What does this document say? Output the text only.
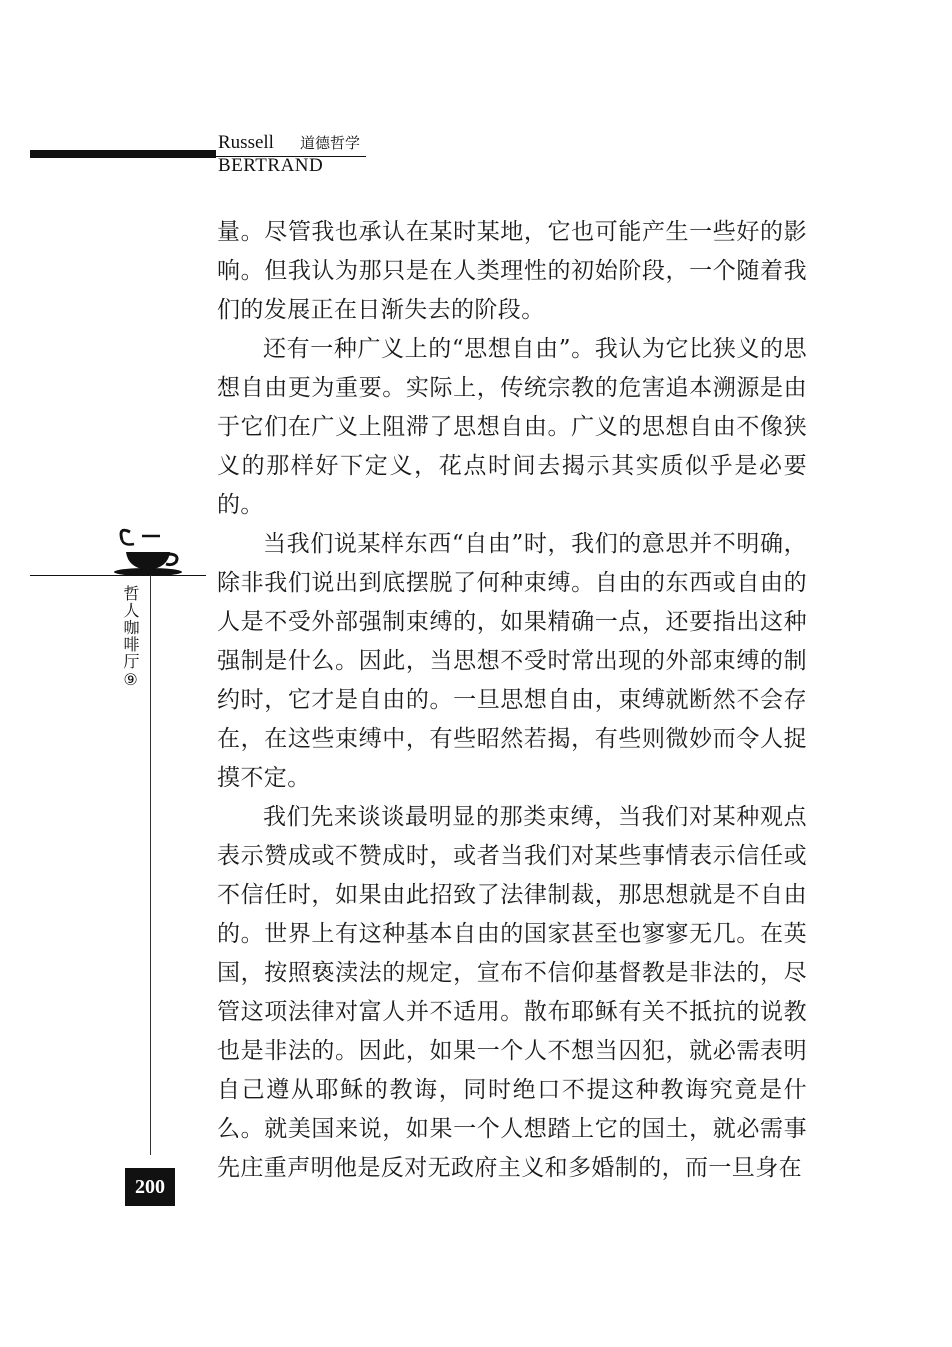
Russell 道德哲学
BERTRAND
哲人咖啡厅⑨

量。尽管我也承认在某时某地，它也可能产生一些好的影响。但我认为那只是在人类理性的初始阶段，一个随着我们的发展正在日渐失去的阶段。

还有一种广义上的“思想自由”。我认为它比狭义的思想自由更为重要。实际上，传统宗教的危害追本溯源是由于它们在广义上阻滞了思想自由。广义的思想自由不像狭义的那样好下定义，花点时间去揭示其实质似乎是必要的。

当我们说某样东西“自由”时，我们的意思并不明确，除非我们说出到底摆脱了何种束缚。自由的东西或自由的人是不受外部强制束缚的，如果精确一点，还要指出这种强制是什么。因此，当思想不受时常出现的外部束缚的制约时，它才是自由的。一旦思想自由，束缚就断然不会存在，在这些束缚中，有些昭然若揭，有些则微妙而令人捉摸不定。

我们先来谈谈最明显的那类束缚，当我们对某种观点表示赞成或不赞成时，或者当我们对某些事情表示信任或不信任时，如果由此招致了法律制裁，那思想就是不自由的。世界上有这种基本自由的国家甚至也寥寥无几。在英国，按照亵渎法的规定，宣布不信仰基督教是非法的，尽管这项法律对富人并不适用。散布耶稣有关不抵抗的说教也是非法的。因此，如果一个人不想当囚犯，就必需表明自己遵从耶稣的教诲，同时绝口不提这种教诲究竟是什么。就美国来说，如果一个人想踏上它的国土，就必需事先庄重声明他是反对无政府主义和多婚制的，而一旦身在

200
